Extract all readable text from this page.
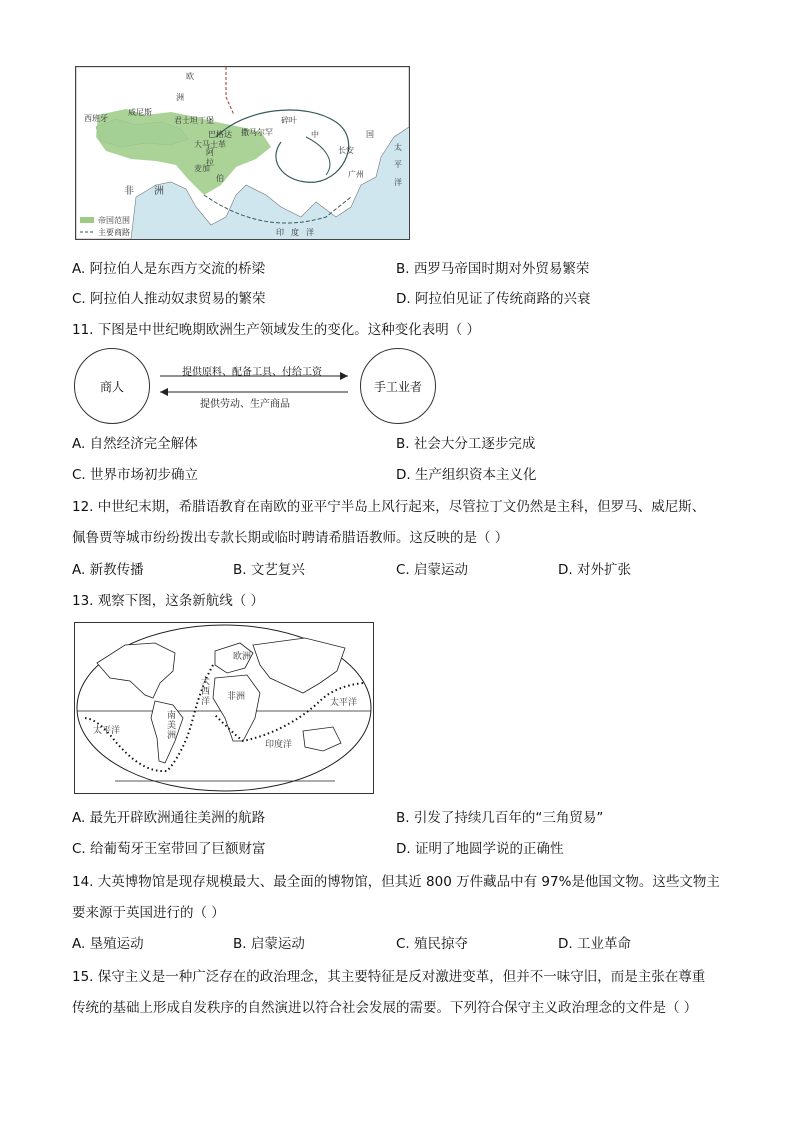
欧
洲
西班牙
威尼斯
君士坦丁堡
大马士革
巴格达
麦加
非 洲
阿
拉
伯
中	国
长安
撒马尔罕
碎叶
广州
太
平
洋
印 度 洋
帝国范围
主要商路
A. 阿拉伯人是东西方交流的桥梁	B. 西罗马帝国时期对外贸易繁荣
C. 阿拉伯人推动奴隶贸易的繁荣	D. 阿拉伯见证了传统商路的兴衰
11. 下图是中世纪晚期欧洲生产领域发生的变化。这种变化表明（ ）
商人	手工业者
提供原料、配备工具、付给工资
提供劳动、生产商品
A. 自然经济完全解体	B. 社会大分工逐步完成
C. 世界市场初步确立	D. 生产组织资本主义化
12. 中世纪末期，希腊语教育在南欧的亚平宁半岛上风行起来，尽管拉丁文仍然是主科，但罗马、威尼斯、
佩鲁贾等城市纷纷拨出专款长期或临时聘请希腊语教师。这反映的是（ ）
A. 新教传播	B. 文艺复兴	C. 启蒙运动	D. 对外扩张
13. 观察下图，这条新航线（ ）
欧洲
大西洋	非洲
南美洲
太平洋
太平洋
印度洋
A. 最先开辟欧洲通往美洲的航路	B. 引发了持续几百年的“三角贸易”
C. 给葡萄牙王室带回了巨额财富	D. 证明了地圆学说的正确性
14. 大英博物馆是现存规模最大、最全面的博物馆，但其近 800 万件藏品中有 97%是他国文物。这些文物主
要来源于英国进行的（ ）
A. 垦殖运动	B. 启蒙运动	C. 殖民掠夺	D. 工业革命
15. 保守主义是一种广泛存在的政治理念，其主要特征是反对激进变革，但并不一味守旧，而是主张在尊重
传统的基础上形成自发秩序的自然演进以符合社会发展的需要。下列符合保守主义政治理念的文件是（ ）
